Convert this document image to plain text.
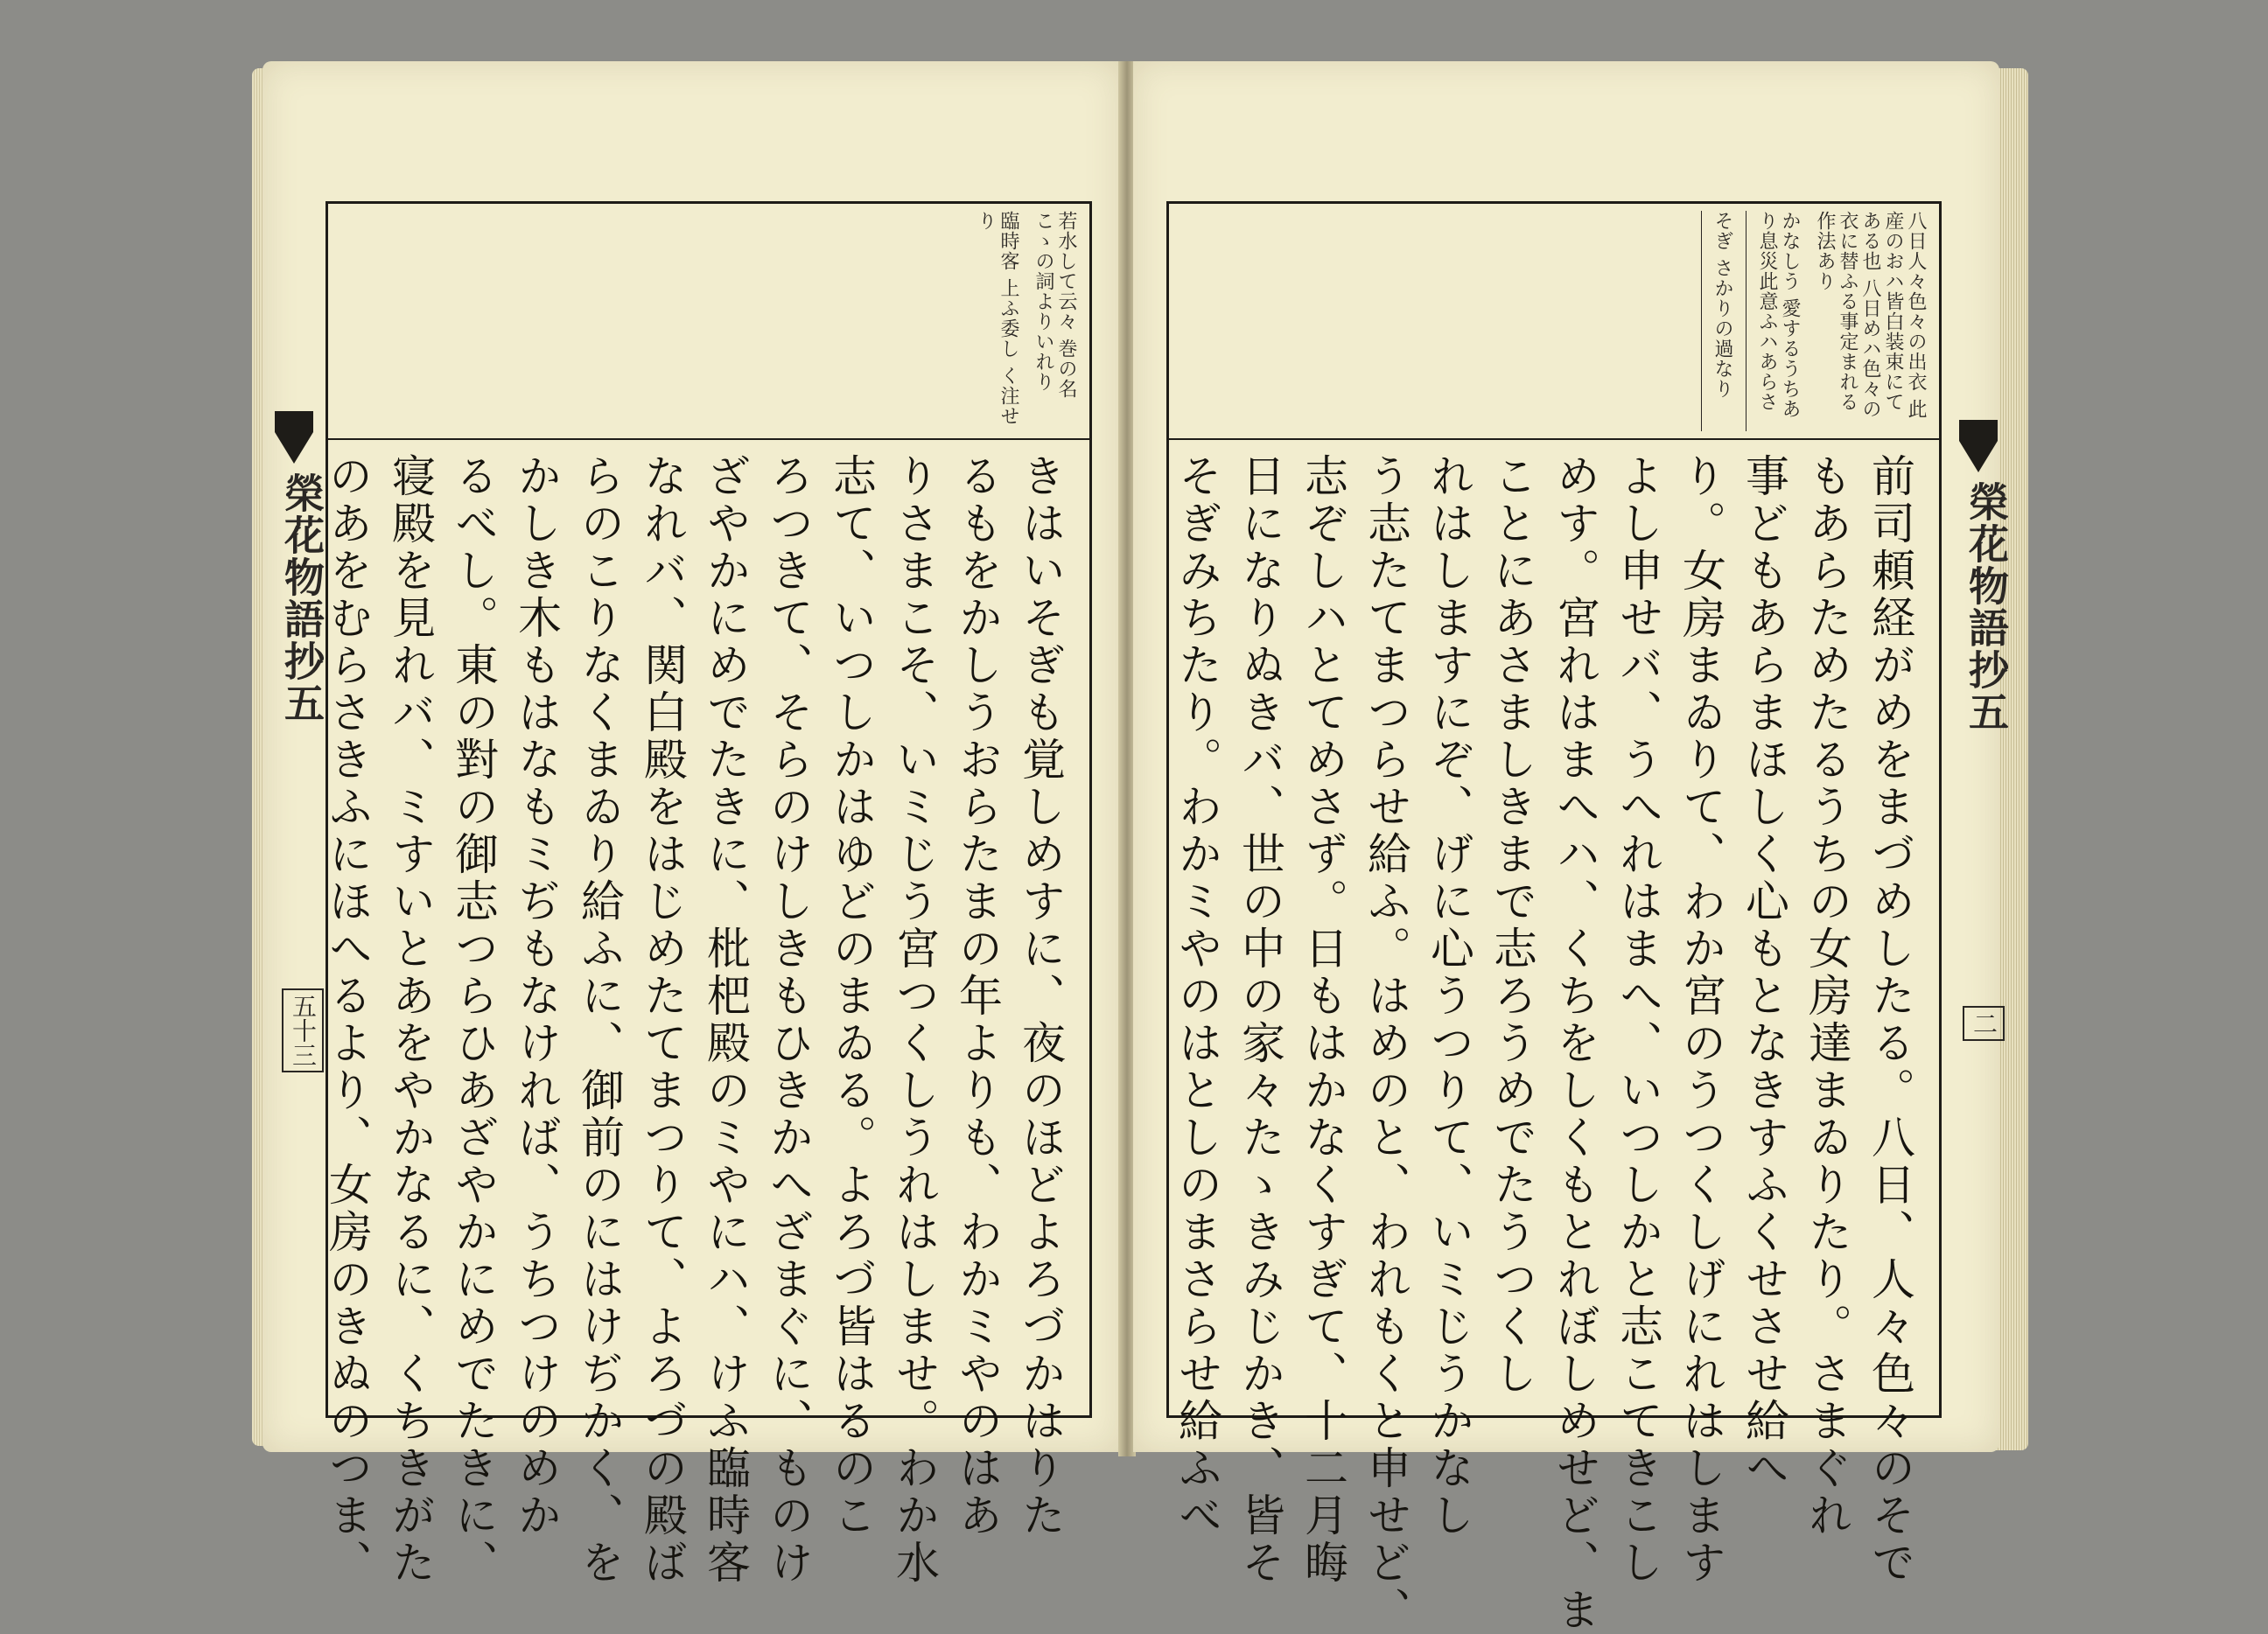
榮花物語抄五
五十三
若水して云々 巻の名こゝの詞よりいれり
臨時客 上ふ委し く注せり
きはいそぎも覚しめすに、夜のほどよろづかはりた
るもをかしうおらたまの年よりも、わかミやのはあ
りさまこそ、いミじう宮つくしうれはしませ。わか水
志て、いつしかはゆどのまゐる。よろづ皆はるのこ
ろつきて、そらのけしきもひきかへざまぐに、ものけ
ざやかにめでたきに、枇杷殿のミやにハ、けふ臨時客
なれバ、関白殿をはじめたてまつりて、よろづの殿ば
らのこりなくまゐり給ふに、御前のにはけぢかく、を
かしき木もはなもミぢもなければ、うちつけのめか
るべし。東の對の御志つらひあざやかにめでたきに、
寝殿を見れバ、ミすいとあをやかなるに、くちきがた
のあをむらさきふにほへるより、女房のきぬのつま、	榮花物語抄五
二
八日人々色々の出衣 此産のおハ皆白装束にてある也 八日めハ色々の衣に替ふる事定まれる作法あり
かなしう 愛するうちあり息災此意ふハあらさ
そぎ さかりの過なり
前司頼経がめをまづめしたる。八日、人々色々のそで
もあらためたるうちの女房達まゐりたり。さまぐれ
事どもあらまほしく心もとなきすふくせさせ給へ
り。女房まゐりて、わか宮のうつくしげにれはします
よし申せバ、うへれはまへ、いつしかと志こてきこし
めす。宮れはまへハ、くちをしくもとれぼしめせど、ま
ことにあさましきまで志ろうめでたうつくし
れはしますにぞ、げに心うつりて、いミじうかなし
う志たてまつらせ給ふ。はめのと、われもくと申せど、
志ぞしハとてめさず。日もはかなくすぎて、十二月晦
日になりぬきバ、世の中の家々たゝきみじかき、皆そ
そぎみちたり。わかミやのはとしのまさらせ給ふべ
